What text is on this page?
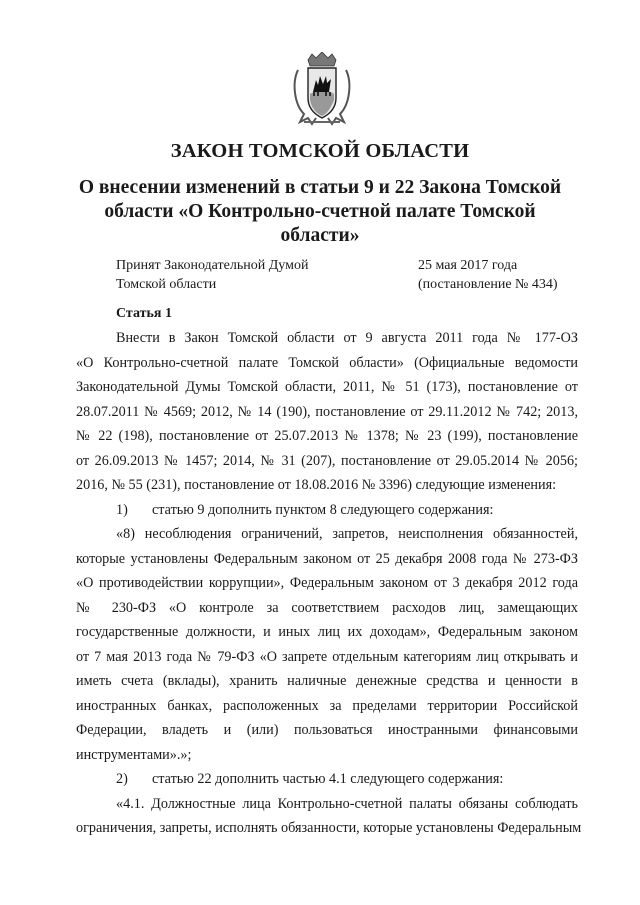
ЗАКОН ТОМСКОЙ ОБЛАСТИ
О внесении изменений в статьи 9 и 22 Закона Томской
области «О Контрольно-счетной палате Томской
области»
Принят Законодательной Думой
Томской области
25 мая 2017 года
(постановление № 434)
Статья 1
Внести в Закон Томской области от 9 августа 2011 года № 177-ОЗ
«О Контрольно-счетной палате Томской области» (Официальные ведомости
Законодательной Думы Томской области, 2011, № 51 (173), постановление от
28.07.2011 № 4569; 2012, № 14 (190), постановление от 29.11.2012 № 742; 2013,
№ 22 (198), постановление от 25.07.2013 № 1378; № 23 (199), постановление
от 26.09.2013 № 1457; 2014, № 31 (207), постановление от 29.05.2014 № 2056;
2016, № 55 (231), постановление от 18.08.2016 № 3396) следующие изменения:
1)	статью 9 дополнить пунктом 8 следующего содержания:
«8) несоблюдения ограничений, запретов, неисполнения обязанностей,
которые установлены Федеральным законом от 25 декабря 2008 года № 273-ФЗ
«О противодействии коррупции», Федеральным законом от 3 декабря 2012 года
№ 230-ФЗ «О контроле за соответствием расходов лиц, замещающих
государственные должности, и иных лиц их доходам», Федеральным законом
от 7 мая 2013 года № 79-ФЗ «О запрете отдельным категориям лиц открывать и
иметь счета (вклады), хранить наличные денежные средства и ценности в
иностранных банках, расположенных за пределами территории Российской
Федерации, владеть и (или) пользоваться иностранными финансовыми
инструментами».»;
2)	статью 22 дополнить частью 4.1 следующего содержания:
«4.1. Должностные лица Контрольно-счетной палаты обязаны соблюдать
ограничения, запреты, исполнять обязанности, которые установлены Федеральным
